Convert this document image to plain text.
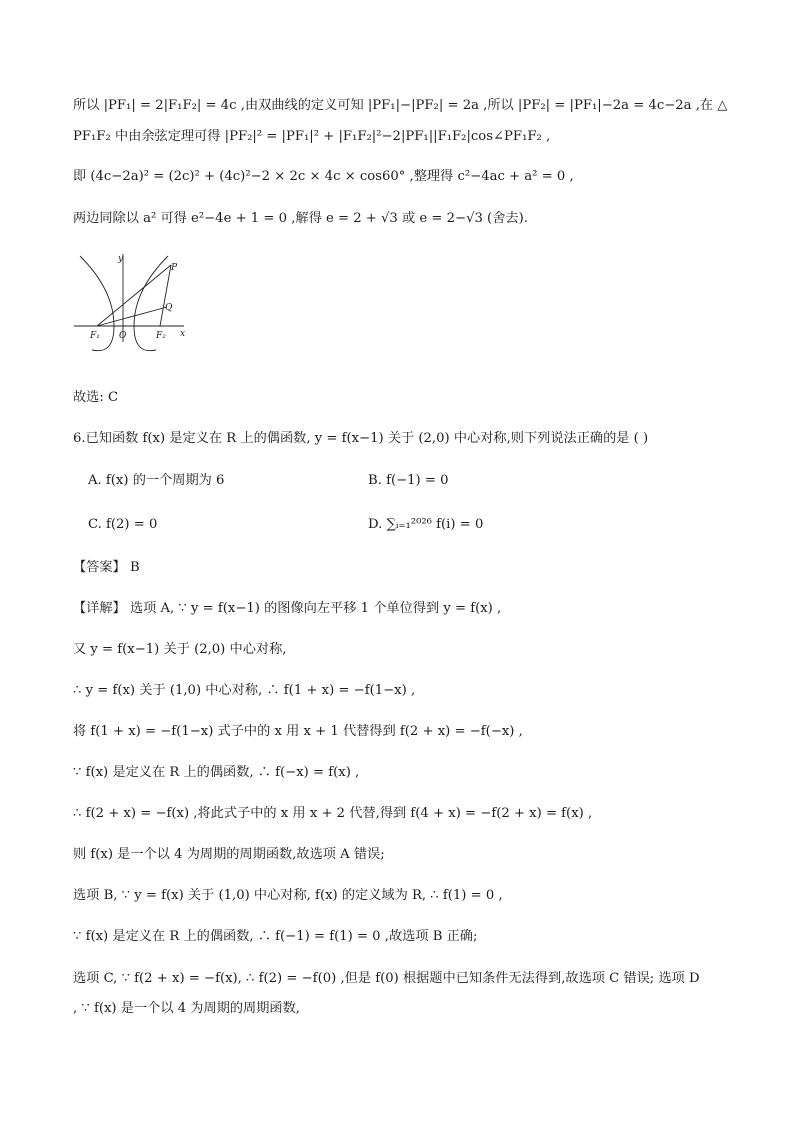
所以 |PF₁| = 2|F₁F₂| = 4c ,由双曲线的定义可知 |PF₁|−|PF₂| = 2a ,所以 |PF₂| = |PF₁|−2a = 4c−2a ,在 △
PF₁F₂ 中由余弦定理可得 |PF₂|² = |PF₁|² + |F₁F₂|²−2|PF₁||F₁F₂|cos∠PF₁F₂ ,
即 (4c−2a)² = (2c)² + (4c)²−2 × 2c × 4c × cos60° ,整理得 c²−4ac + a² = 0 ,
两边同除以 a² 可得 e²−4e + 1 = 0 ,解得 e = 2 + √3 或 e = 2−√3 (舍去).
y
x
P
Q
O
F₁	F₂
故选: C
6.已知函数 f(x) 是定义在 R 上的偶函数, y = f(x−1) 关于 (2,0) 中心对称,则下列说法正确的是 ( )
A. f(x) 的一个周期为 6	B. f(−1) = 0
C. f(2) = 0	D. ∑ᵢ₌₁²⁰²⁶ f(i) = 0
【答案】 B
【详解】 选项 A, ∵ y = f(x−1) 的图像向左平移 1 个单位得到 y = f(x) ,
又 y = f(x−1) 关于 (2,0) 中心对称,
∴ y = f(x) 关于 (1,0) 中心对称, ∴ f(1 + x) = −f(1−x) ,
将 f(1 + x) = −f(1−x) 式子中的 x 用 x + 1 代替得到 f(2 + x) = −f(−x) ,
∵ f(x) 是定义在 R 上的偶函数, ∴ f(−x) = f(x) ,
∴ f(2 + x) = −f(x) ,将此式子中的 x 用 x + 2 代替,得到 f(4 + x) = −f(2 + x) = f(x) ,
则 f(x) 是一个以 4 为周期的周期函数,故选项 A 错误;
选项 B, ∵ y = f(x) 关于 (1,0) 中心对称, f(x) 的定义域为 R, ∴ f(1) = 0 ,
∵ f(x) 是定义在 R 上的偶函数, ∴ f(−1) = f(1) = 0 ,故选项 B 正确;
选项 C, ∵ f(2 + x) = −f(x), ∴ f(2) = −f(0) ,但是 f(0) 根据题中已知条件无法得到,故选项 C 错误; 选项 D
, ∵ f(x) 是一个以 4 为周期的周期函数,
